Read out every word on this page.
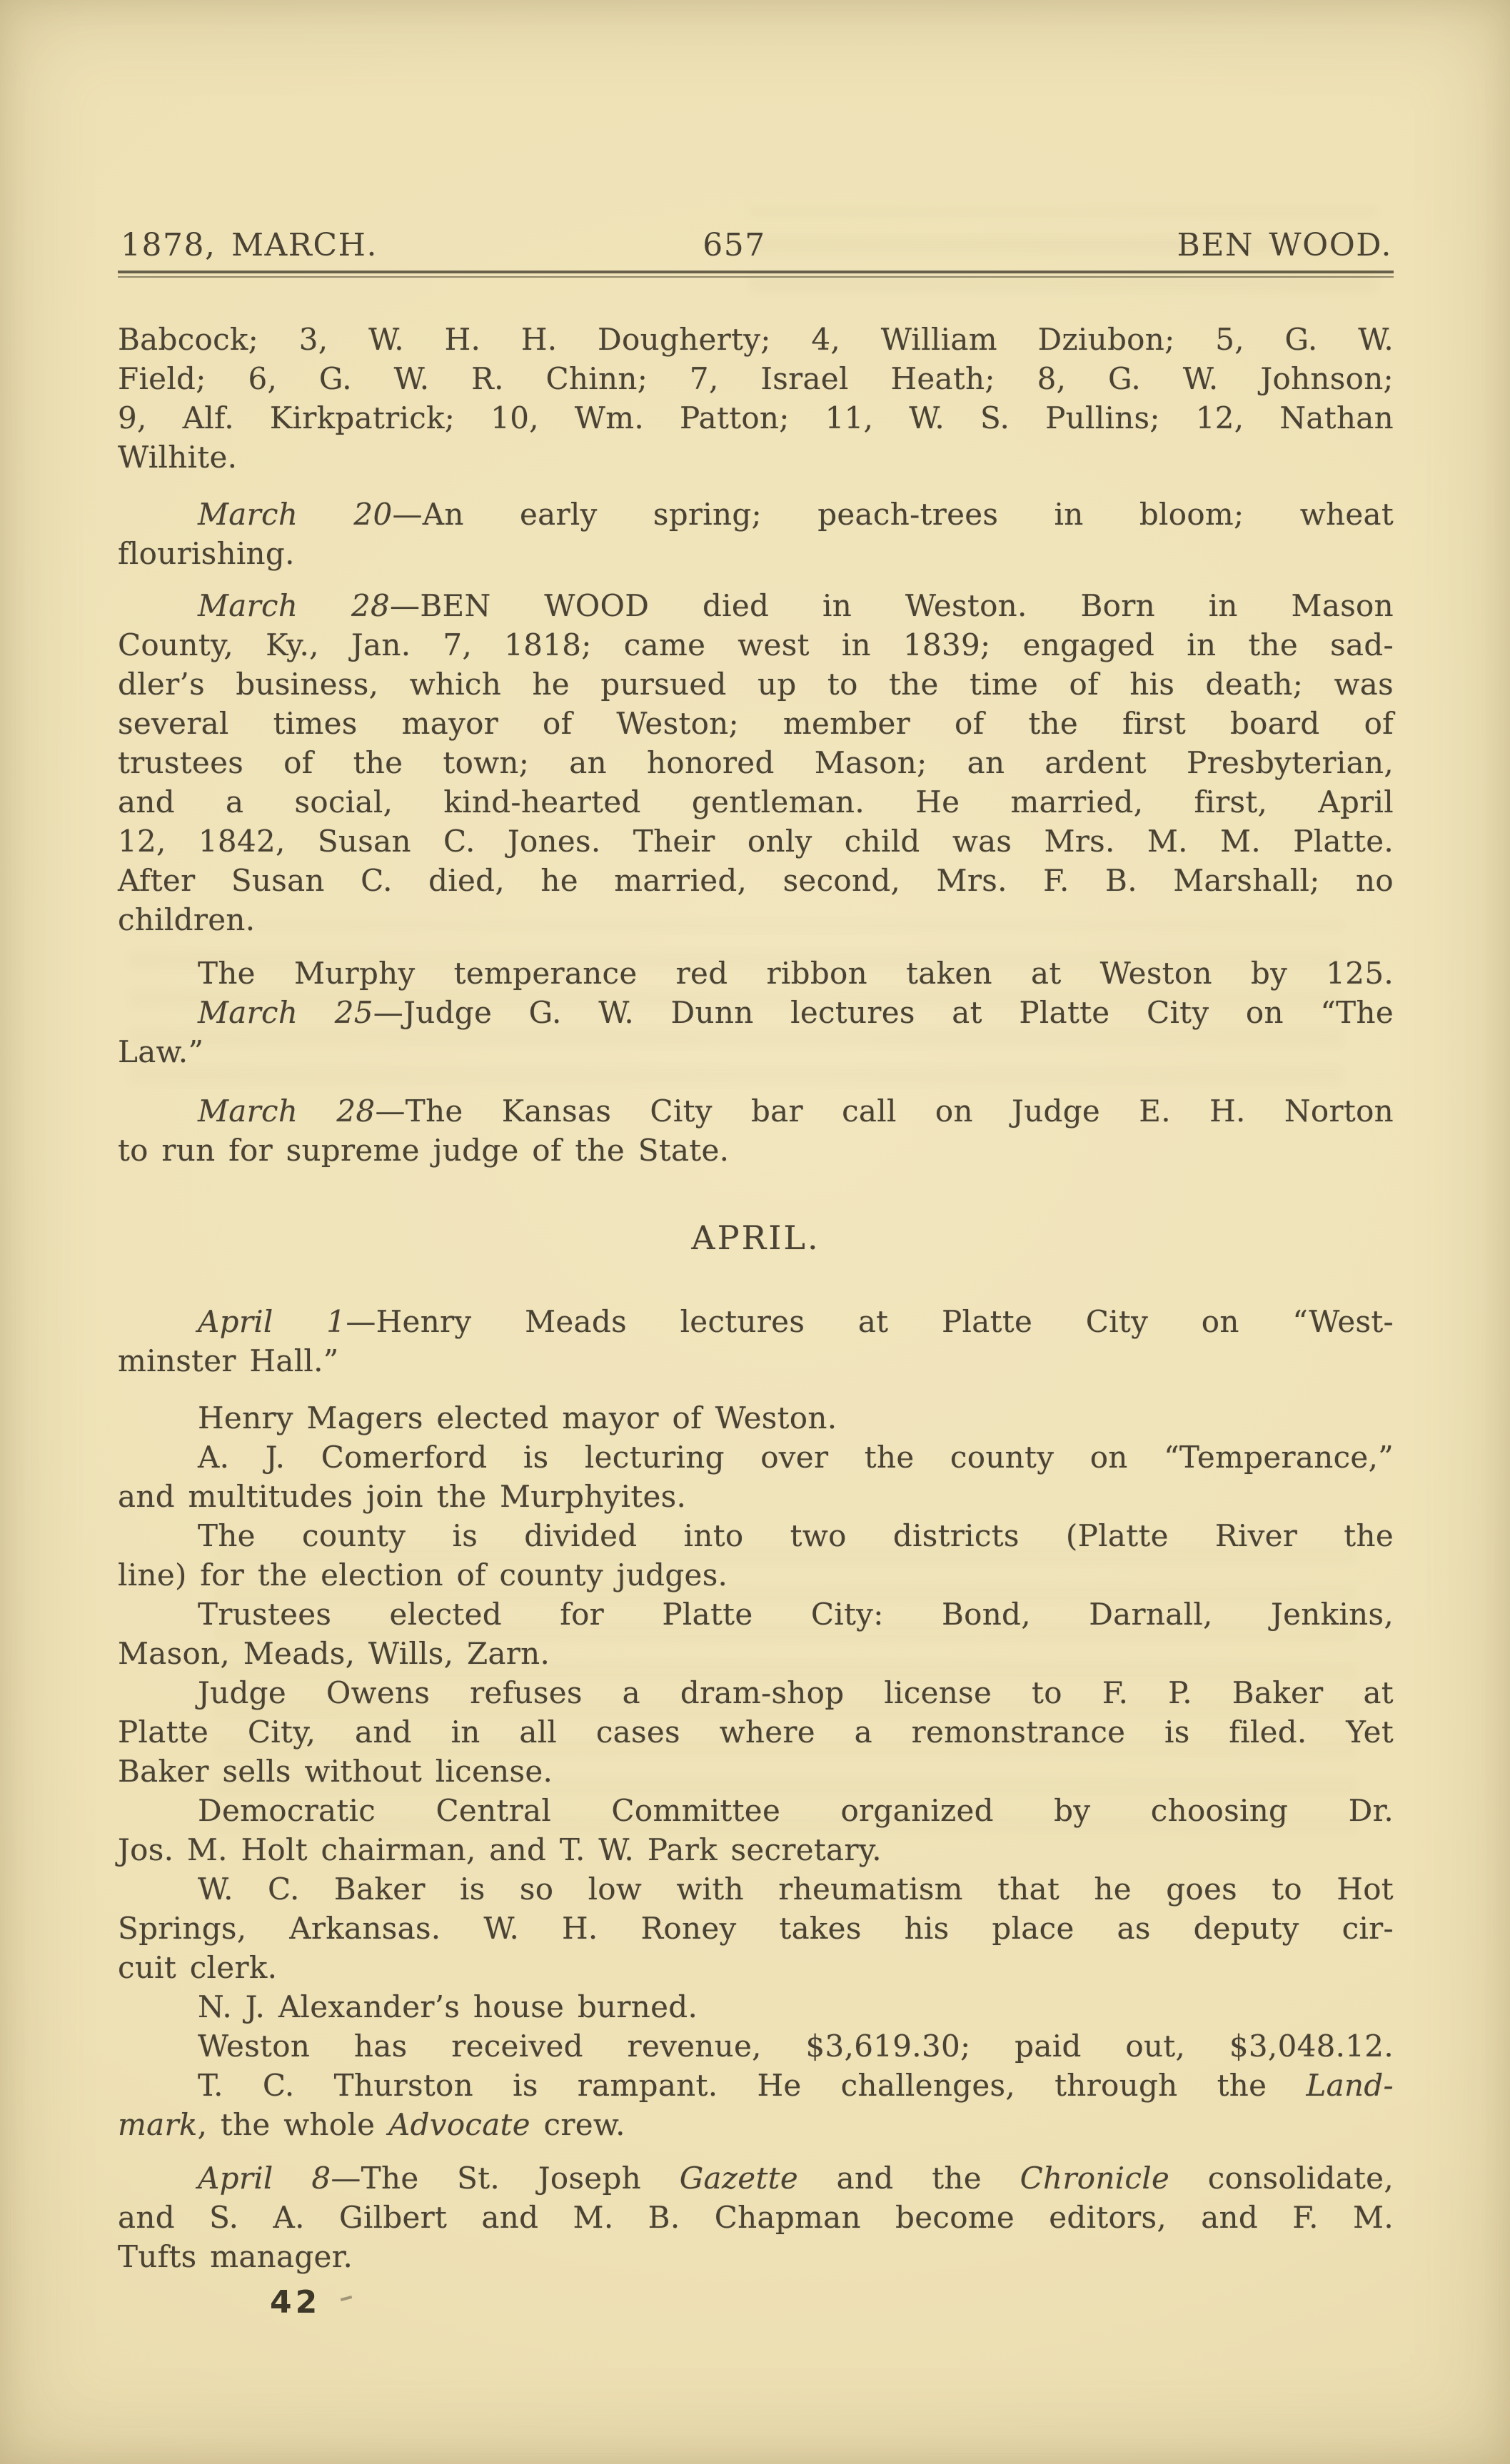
1878, MARCH.	657	BEN WOOD.
Babcock; 3, W. H. H. Dougherty; 4, William Dziubon; 5, G. W.
Field; 6, G. W. R. Chinn; 7, Israel Heath; 8, G. W. Johnson;
9, Alf. Kirkpatrick; 10, Wm. Patton; 11, W. S. Pullins; 12, Nathan
Wilhite.
March 20—An early spring; peach-trees in bloom; wheat
flourishing.
March 28—BEN WOOD died in Weston. Born in Mason
County, Ky., Jan. 7, 1818; came west in 1839; engaged in the sad-
dler’s business, which he pursued up to the time of his death; was
several times mayor of Weston; member of the first board of
trustees of the town; an honored Mason; an ardent Presbyterian,
and a social, kind-hearted gentleman. He married, first, April
12, 1842, Susan C. Jones. Their only child was Mrs. M. M. Platte.
After Susan C. died, he married, second, Mrs. F. B. Marshall; no
children.
The Murphy temperance red ribbon taken at Weston by 125.
March 25—Judge G. W. Dunn lectures at Platte City on “The
Law.”
March 28—The Kansas City bar call on Judge E. H. Norton
to run for supreme judge of the State.
APRIL.
April 1—Henry Meads lectures at Platte City on “West-
minster Hall.”
Henry Magers elected mayor of Weston.
A. J. Comerford is lecturing over the county on “Temperance,”
and multitudes join the Murphyites.
The county is divided into two districts (Platte River the
line) for the election of county judges.
Trustees elected for Platte City: Bond, Darnall, Jenkins,
Mason, Meads, Wills, Zarn.
Judge Owens refuses a dram-shop license to F. P. Baker at
Platte City, and in all cases where a remonstrance is filed. Yet
Baker sells without license.
Democratic Central Committee organized by choosing Dr.
Jos. M. Holt chairman, and T. W. Park secretary.
W. C. Baker is so low with rheumatism that he goes to Hot
Springs, Arkansas. W. H. Roney takes his place as deputy cir-
cuit clerk.
N. J. Alexander’s house burned.
Weston has received revenue, $3,619.30; paid out, $3,048.12.
T. C. Thurston is rampant. He challenges, through the Land-
mark, the whole Advocate crew.
April 8—The St. Joseph Gazette and the Chronicle consolidate,
and S. A. Gilbert and M. B. Chapman become editors, and F. M.
Tufts manager.
42
